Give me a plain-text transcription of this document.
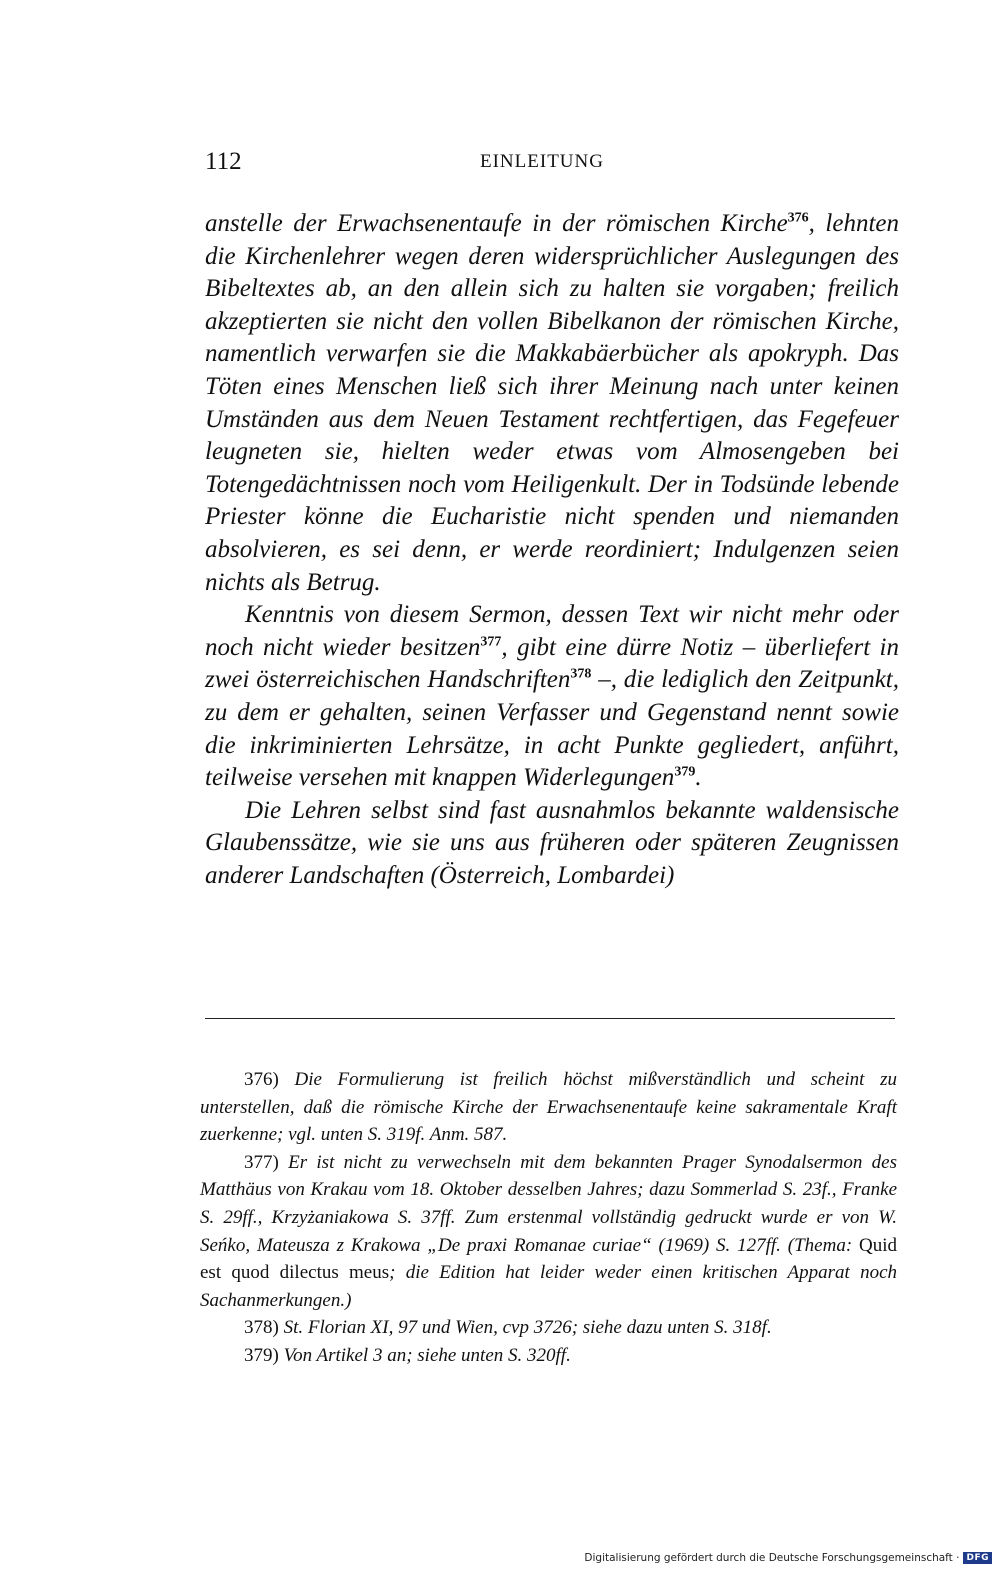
112	EINLEITUNG

anstelle der Erwachsenentaufe in der römischen Kirche$^{376}$, lehnten die Kirchenlehrer wegen deren widersprüchlicher Auslegungen des Bibeltextes ab, an den allein sich zu halten sie vorgaben; freilich akzeptierten sie nicht den vollen Bibelkanon der römischen Kirche, namentlich verwarfen sie die Makkabäerbücher als apokryph. Das Töten eines Menschen ließ sich ihrer Meinung nach unter keinen Umständen aus dem Neuen Testament rechtfertigen, das Fegefeuer leugneten sie, hielten weder etwas vom Almosengeben bei Totengedächtnissen noch vom Heiligenkult. Der in Todsünde lebende Priester könne die Eucharistie nicht spenden und niemanden absolvieren, es sei denn, er werde reordiniert; Indulgenzen seien nichts als Betrug.

Kenntnis von diesem Sermon, dessen Text wir nicht mehr oder noch nicht wieder besitzen$^{377}$, gibt eine dürre Notiz – überliefert in zwei österreichischen Handschriften$^{378}$ –, die lediglich den Zeitpunkt, zu dem er gehalten, seinen Verfasser und Gegenstand nennt sowie die inkriminierten Lehrsätze, in acht Punkte gegliedert, anführt, teilweise versehen mit knappen Widerlegungen$^{379}$.

Die Lehren selbst sind fast ausnahmlos bekannte waldensische Glaubenssätze, wie sie uns aus früheren oder späteren Zeugnissen anderer Landschaften (Österreich, Lombardei)

376) Die Formulierung ist freilich höchst mißverständlich und scheint zu unterstellen, daß die römische Kirche der Erwachsenentaufe keine sakramentale Kraft zuerkenne; vgl. unten S. 319f. Anm. 587.

377) Er ist nicht zu verwechseln mit dem bekannten Prager Synodalsermon des Matthäus von Krakau vom 18. Oktober desselben Jahres; dazu Sommerlad S. 23f., Franke S. 29ff., Krzyżaniakowa S. 37ff. Zum erstenmal vollständig gedruckt wurde er von W. Seńko, Mateusza z Krakowa „De praxi Romanae curiae“ (1969) S. 127ff. (Thema: Quid est quod dilectus meus; die Edition hat leider weder einen kritischen Apparat noch Sachanmerkungen.)

378) St. Florian XI, 97 und Wien, cvp 3726; siehe dazu unten S. 318f.

379) Von Artikel 3 an; siehe unten S. 320ff.

Digitalisierung gefördert durch die Deutsche Forschungsgemeinschaft · DFG
